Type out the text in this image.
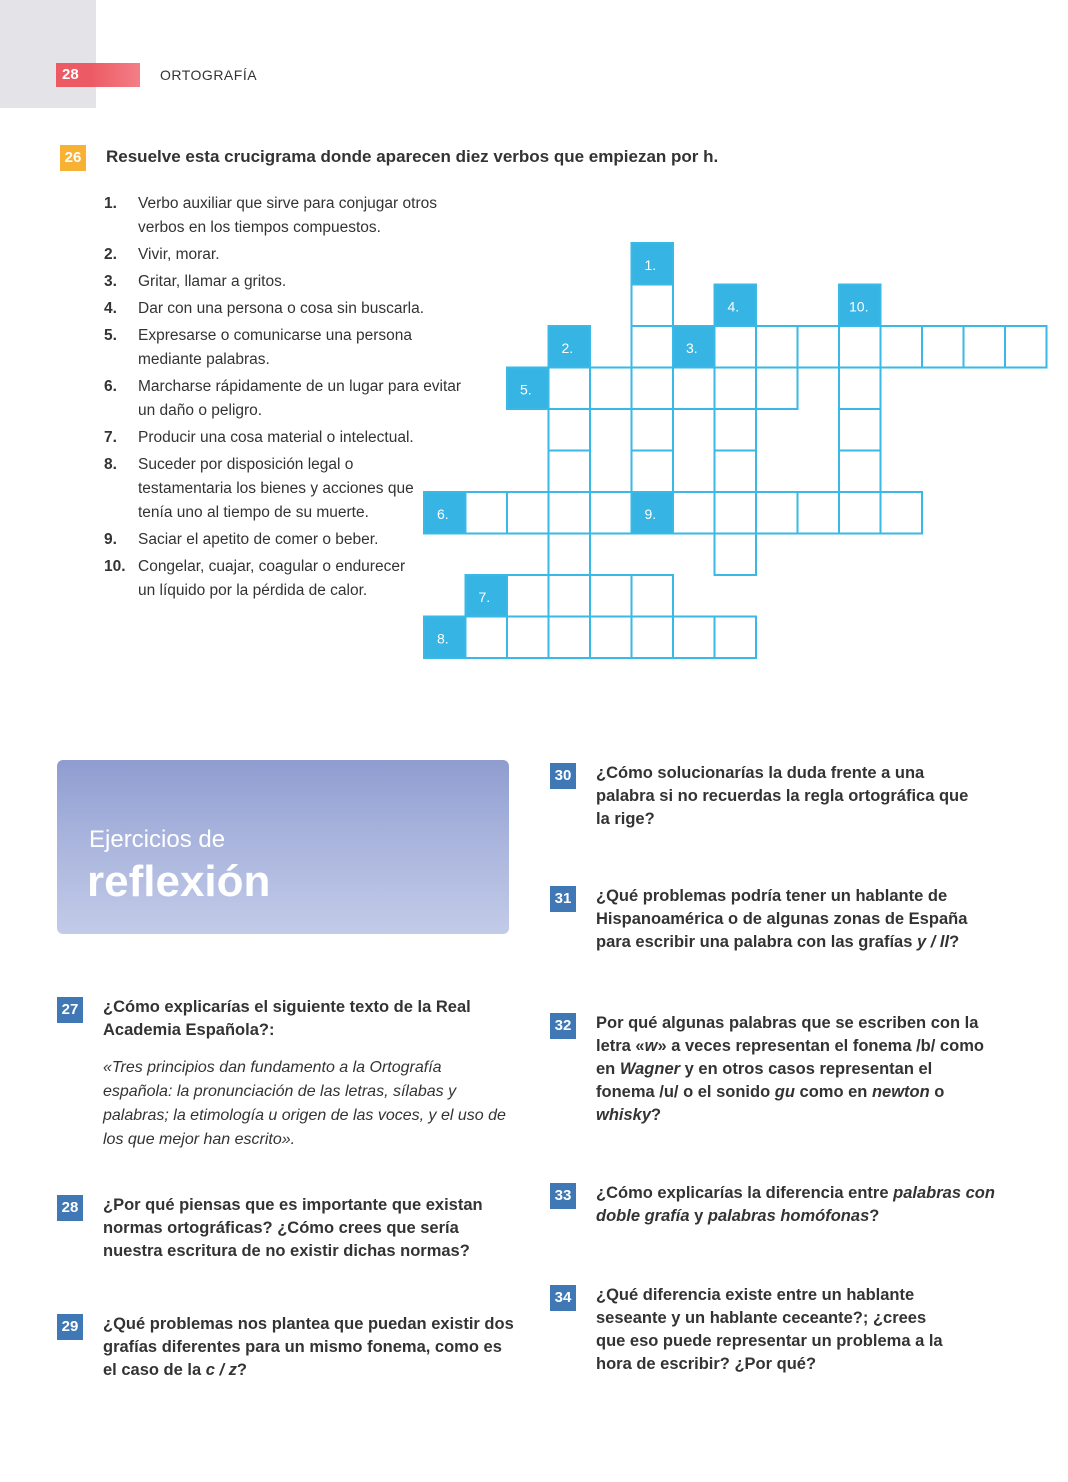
28	ORTOGRAFÍA
26 Resuelve esta crucigrama donde aparecen diez verbos que empiezan por h.
1.	Verbo auxiliar que sirve para conjugar otros verbos en los tiempos compuestos.
2.	Vivir, morar.
3.	Gritar, llamar a gritos.
4.	Dar con una persona o cosa sin buscarla.
5.	Expresarse o comunicarse una persona mediante palabras.
6.	Marcharse rápidamente de un lugar para evitar un daño o peligro.
7.	Producir una cosa material o intelectual.
8.	Suceder por disposición legal o testamentaria los bienes y acciones que tenía uno al tiempo de su muerte.
9.	Saciar el apetito de comer o beber.
10. Congelar, cuajar, coagular o endurecer un líquido por la pérdida de calor.
1.
9.
3.
4.	10.
2.
5.
6.
7.
8.
Ejercicios de
reflexión
27 ¿Cómo explicarías el siguiente texto de la Real Academia Española?:
«Tres principios dan fundamento a la Ortografía española: la pronunciación de las letras, sílabas y palabras; la etimología u origen de las voces, y el uso de los que mejor han escrito».
28 ¿Por qué piensas que es importante que existan normas ortográficas? ¿Cómo crees que sería nuestra escritura de no existir dichas normas?
29 ¿Qué problemas nos plantea que puedan existir dos grafías diferentes para un mismo fonema, como es el caso de la c / z?
30 ¿Cómo solucionarías la duda frente a una palabra si no recuerdas la regla ortográfica que la rige?
31 ¿Qué problemas podría tener un hablante de Hispanoamérica o de algunas zonas de España para escribir una palabra con las grafías y / ll?
32 Por qué algunas palabras que se escriben con la letra «w» a veces representan el fonema /b/ como en Wagner y en otros casos representan el fonema /u/ o el sonido gu como en newton o whisky?
33 ¿Cómo explicarías la diferencia entre palabras con doble grafía y palabras homófonas?
34 ¿Qué diferencia existe entre un hablante seseante y un hablante ceceante?; ¿crees que eso puede representar un problema a la hora de escribir? ¿Por qué?
